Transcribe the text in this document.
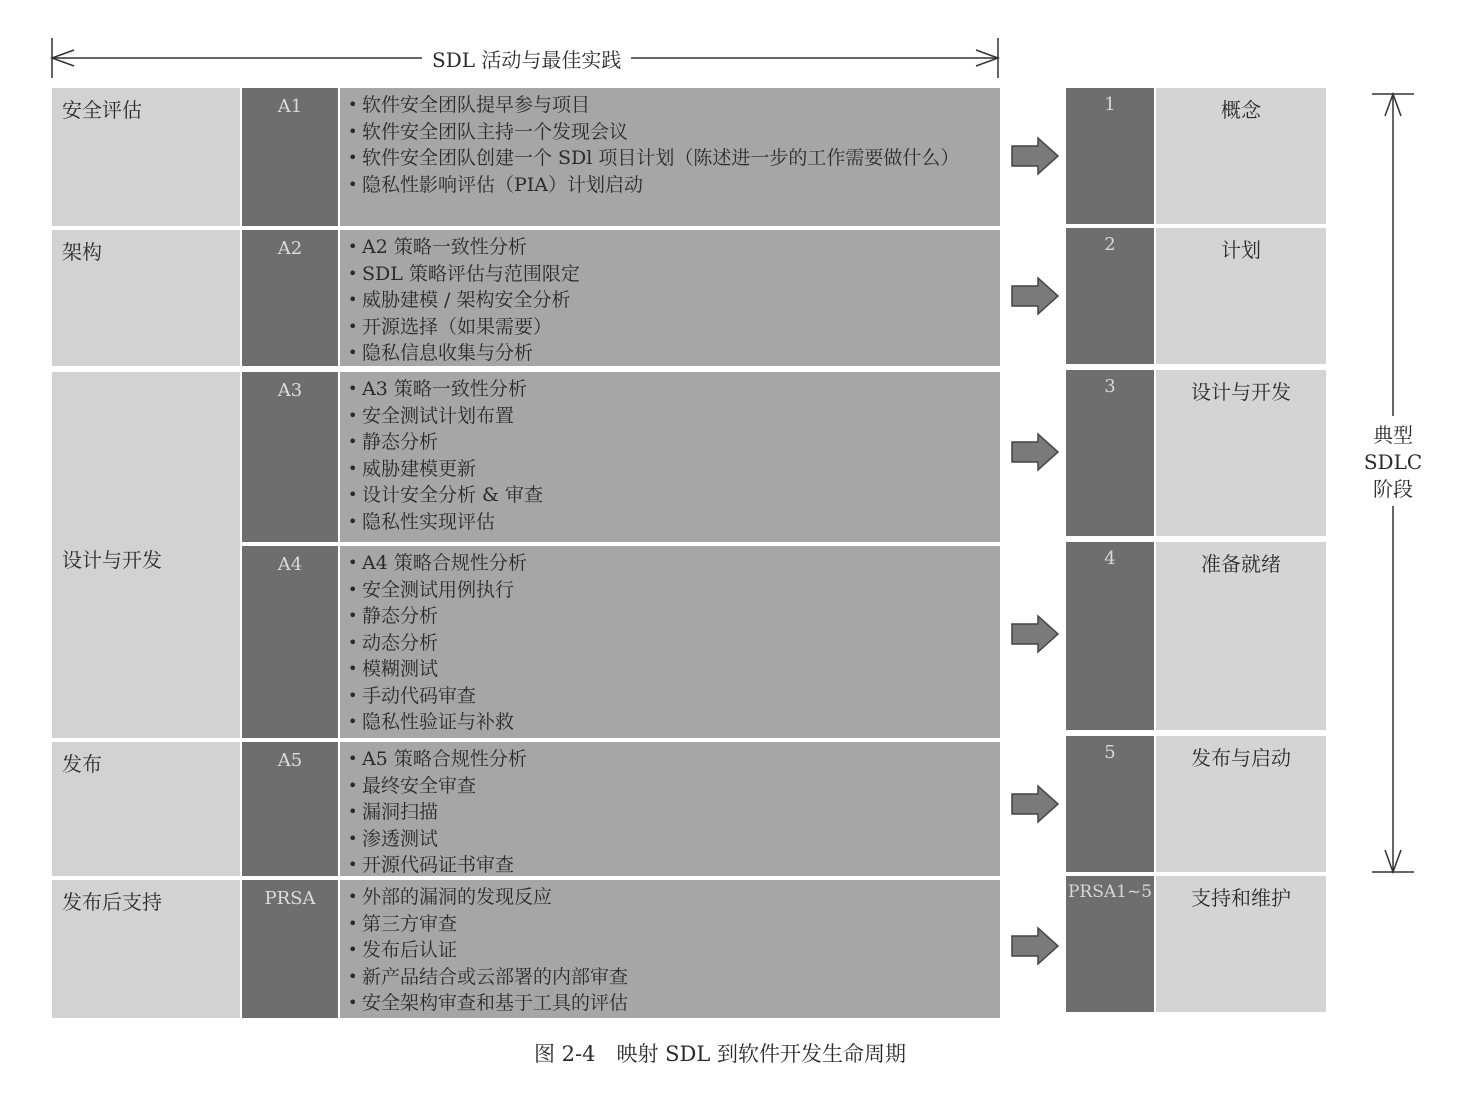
SDL 活动与最佳实践
安全评估
架构
设计与开发
发布
发布后支持
A1
A2
A3
A4
A5
PRSA
• 软件安全团队提早参与项目
• 软件安全团队主持一个发现会议
• 软件安全团队创建一个 SDl 项目计划（陈述进一步的工作需要做什么）
• 隐私性影响评估（PIA）计划启动
• A2 策略一致性分析
• SDL 策略评估与范围限定
• 威胁建模 / 架构安全分析
• 开源选择（如果需要）
• 隐私信息收集与分析
• A3 策略一致性分析
• 安全测试计划布置
• 静态分析
• 威胁建模更新
• 设计安全分析 & 审查
• 隐私性实现评估
• A4 策略合规性分析
• 安全测试用例执行
• 静态分析
• 动态分析
• 模糊测试
• 手动代码审查
• 隐私性验证与补救
• A5 策略合规性分析
• 最终安全审查
• 漏洞扫描
• 渗透测试
• 开源代码证书审查
• 外部的漏洞的发现反应
• 第三方审查
• 发布后认证
• 新产品结合或云部署的内部审查
• 安全架构审查和基于工具的评估
1
2
3
4
5
PRSA1~5
概念
计划
设计与开发
准备就绪
发布与启动
支持和维护
典型
SDLC
阶段
图 2-4　映射 SDL 到软件开发生命周期
